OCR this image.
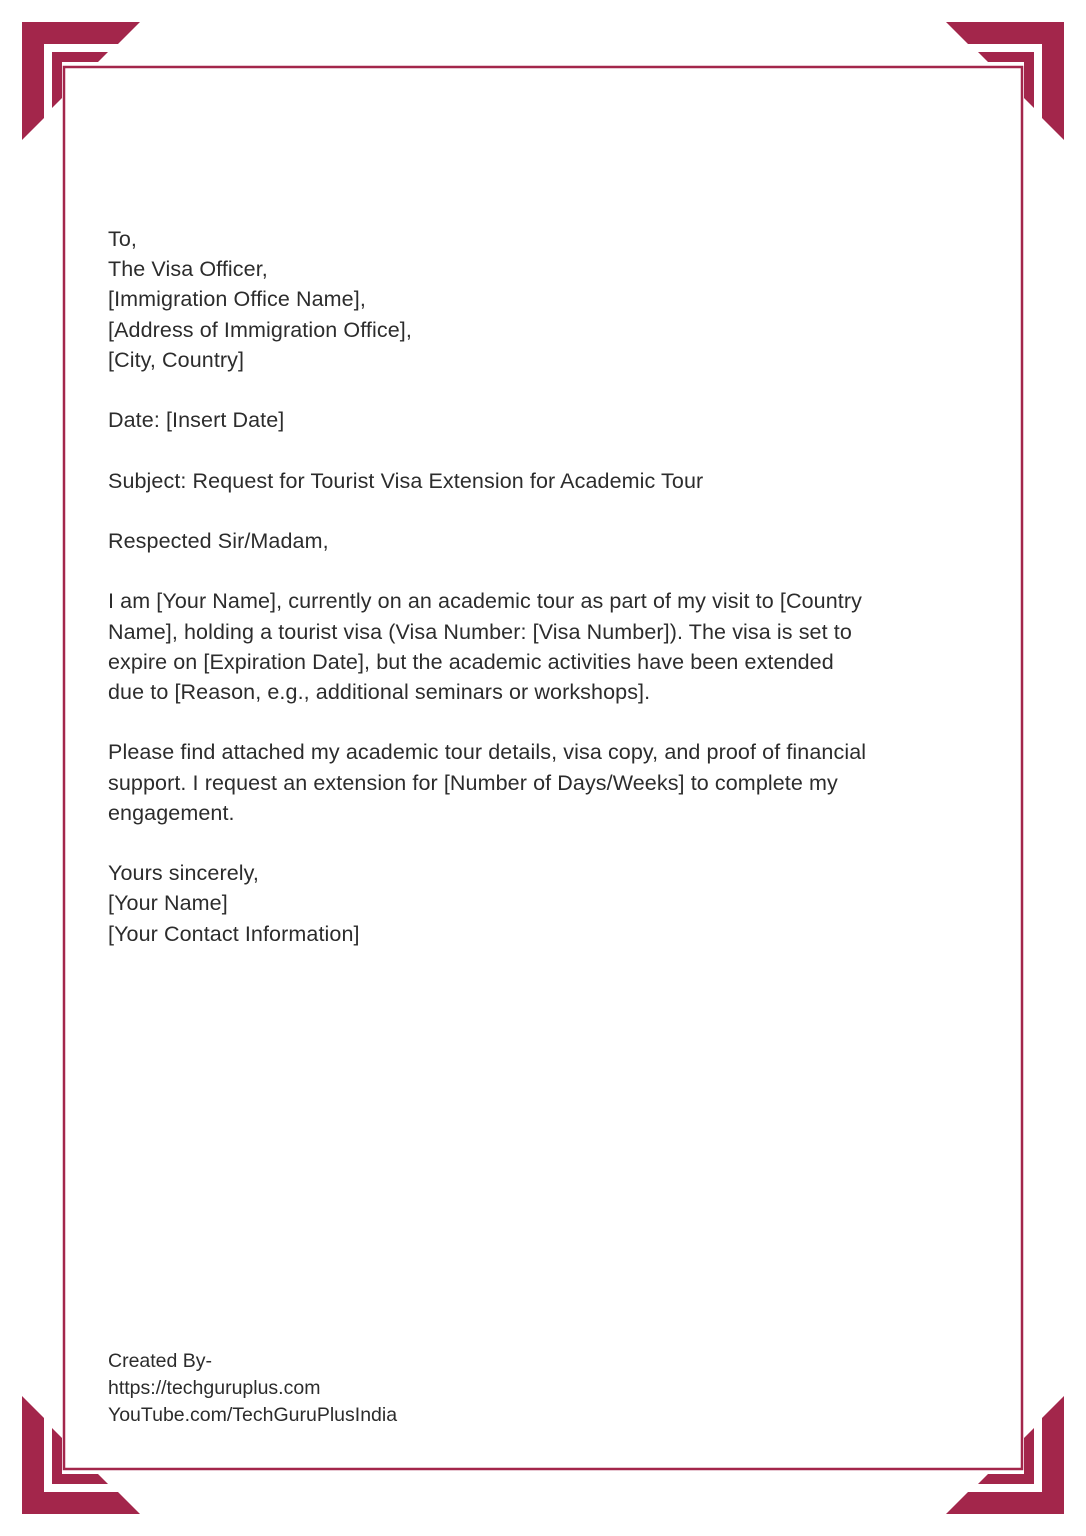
To,
The Visa Officer,
[Immigration Office Name],
[Address of Immigration Office],
[City, Country]
Date: [Insert Date]
Subject: Request for Tourist Visa Extension for Academic Tour
Respected Sir/Madam,
I am [Your Name], currently on an academic tour as part of my visit to [Country
Name], holding a tourist visa (Visa Number: [Visa Number]). The visa is set to
expire on [Expiration Date], but the academic activities have been extended
due to [Reason, e.g., additional seminars or workshops].
Please find attached my academic tour details, visa copy, and proof of financial
support. I request an extension for [Number of Days/Weeks] to complete my
engagement.
Yours sincerely,
[Your Name]
[Your Contact Information]
Created By-
https://techguruplus.com
YouTube.com/TechGuruPlusIndia
